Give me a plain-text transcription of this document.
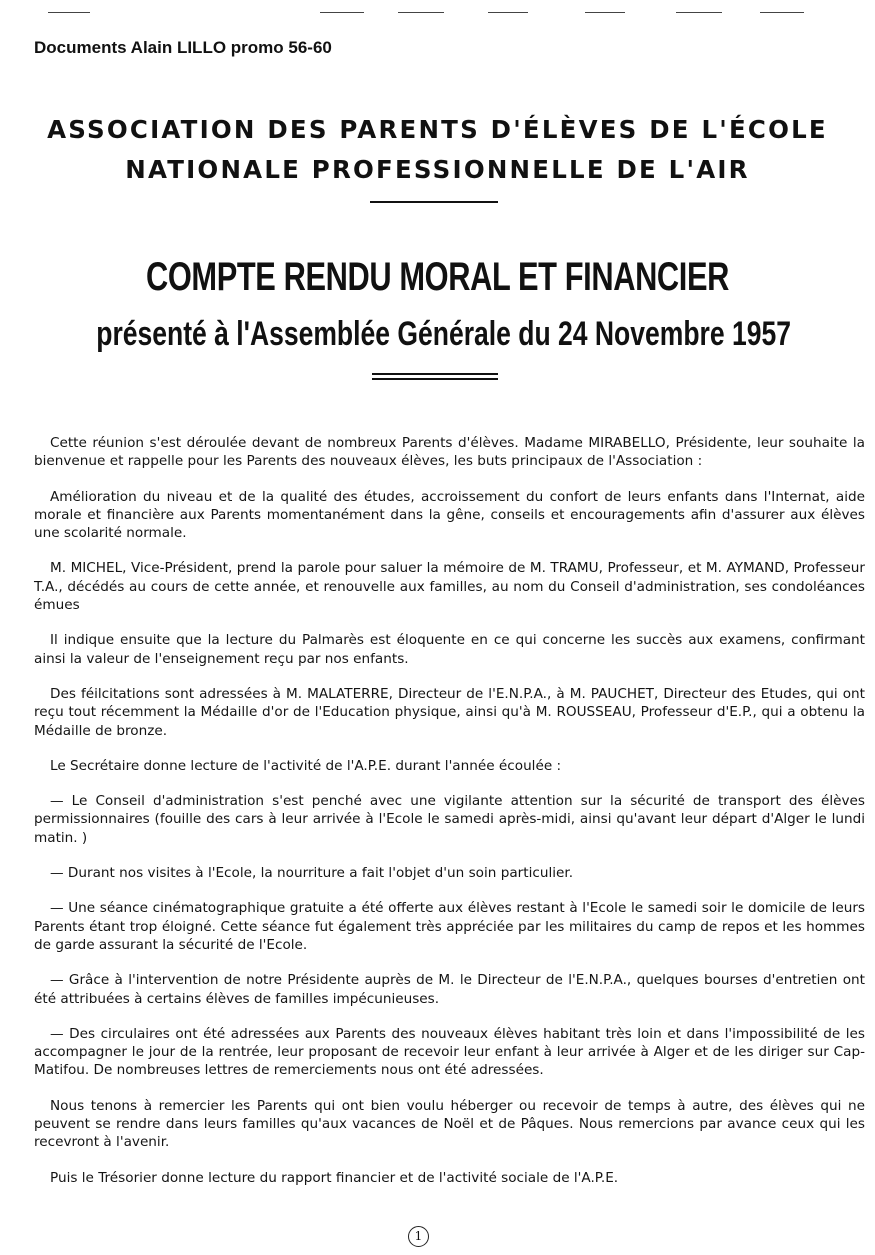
Documents Alain LILLO promo 56-60
ASSOCIATION DES PARENTS D'ÉLÈVES DE L'ÉCOLE
NATIONALE PROFESSIONNELLE DE L'AIR
COMPTE RENDU MORAL ET FINANCIER
présenté à l'Assemblée Générale du 24 Novembre 1957

Cette réunion s'est déroulée devant de nombreux Parents d'élèves. Madame MIRABELLO, Présidente, leur souhaite la bienvenue et rappelle pour les Parents des nouveaux élèves, les buts principaux de l'Association :

Amélioration du niveau et de la qualité des études, accroissement du confort de leurs enfants dans l'Internat, aide morale et financière aux Parents momentanément dans la gêne, conseils et encouragements afin d'assurer aux élèves une scolarité normale.

M. MICHEL, Vice-Président, prend la parole pour saluer la mémoire de M. TRAMU, Professeur, et M. AYMAND, Professeur T.A., décédés au cours de cette année, et renouvelle aux familles, au nom du Conseil d'administration, ses condoléances émues

Il indique ensuite que la lecture du Palmarès est éloquente en ce qui concerne les succès aux examens, confirmant ainsi la valeur de l'enseignement reçu par nos enfants.

Des féilcitations sont adressées à M. MALATERRE, Directeur de l'E.N.P.A., à M. PAUCHET, Directeur des Etudes, qui ont reçu tout récemment la Médaille d'or de l'Education physique, ainsi qu'à M. ROUSSEAU, Professeur d'E.P., qui a obtenu la Médaille de bronze.

Le Secrétaire donne lecture de l'activité de l'A.P.E. durant l'année écoulée :

— Le Conseil d'administration s'est penché avec une vigilante attention sur la sécurité de transport des élèves permissionnaires (fouille des cars à leur arrivée à l'Ecole le samedi après-midi, ainsi qu'avant leur départ d'Alger le lundi matin. )

— Durant nos visites à l'Ecole, la nourriture a fait l'objet d'un soin particulier.

— Une séance cinématographique gratuite a été offerte aux élèves restant à l'Ecole le samedi soir le domicile de leurs Parents étant trop éloigné. Cette séance fut également très appréciée par les militaires du camp de repos et les hommes de garde assurant la sécurité de l'Ecole.

— Grâce à l'intervention de notre Présidente auprès de M. le Directeur de l'E.N.P.A., quelques bourses d'entretien ont été attribuées à certains élèves de familles impécunieuses.

— Des circulaires ont été adressées aux Parents des nouveaux élèves habitant très loin et dans l'impossibilité de les accompagner le jour de la rentrée, leur proposant de recevoir leur enfant à leur arrivée à Alger et de les diriger sur Cap-Matifou. De nombreuses lettres de remerciements nous ont été adressées.

Nous tenons à remercier les Parents qui ont bien voulu héberger ou recevoir de temps à autre, des élèves qui ne peuvent se rendre dans leurs familles qu'aux vacances de Noël et de Pâques. Nous remercions par avance ceux qui les recevront à l'avenir.

Puis le Trésorier donne lecture du rapport financier et de l'activité sociale de l'A.P.E.

1
